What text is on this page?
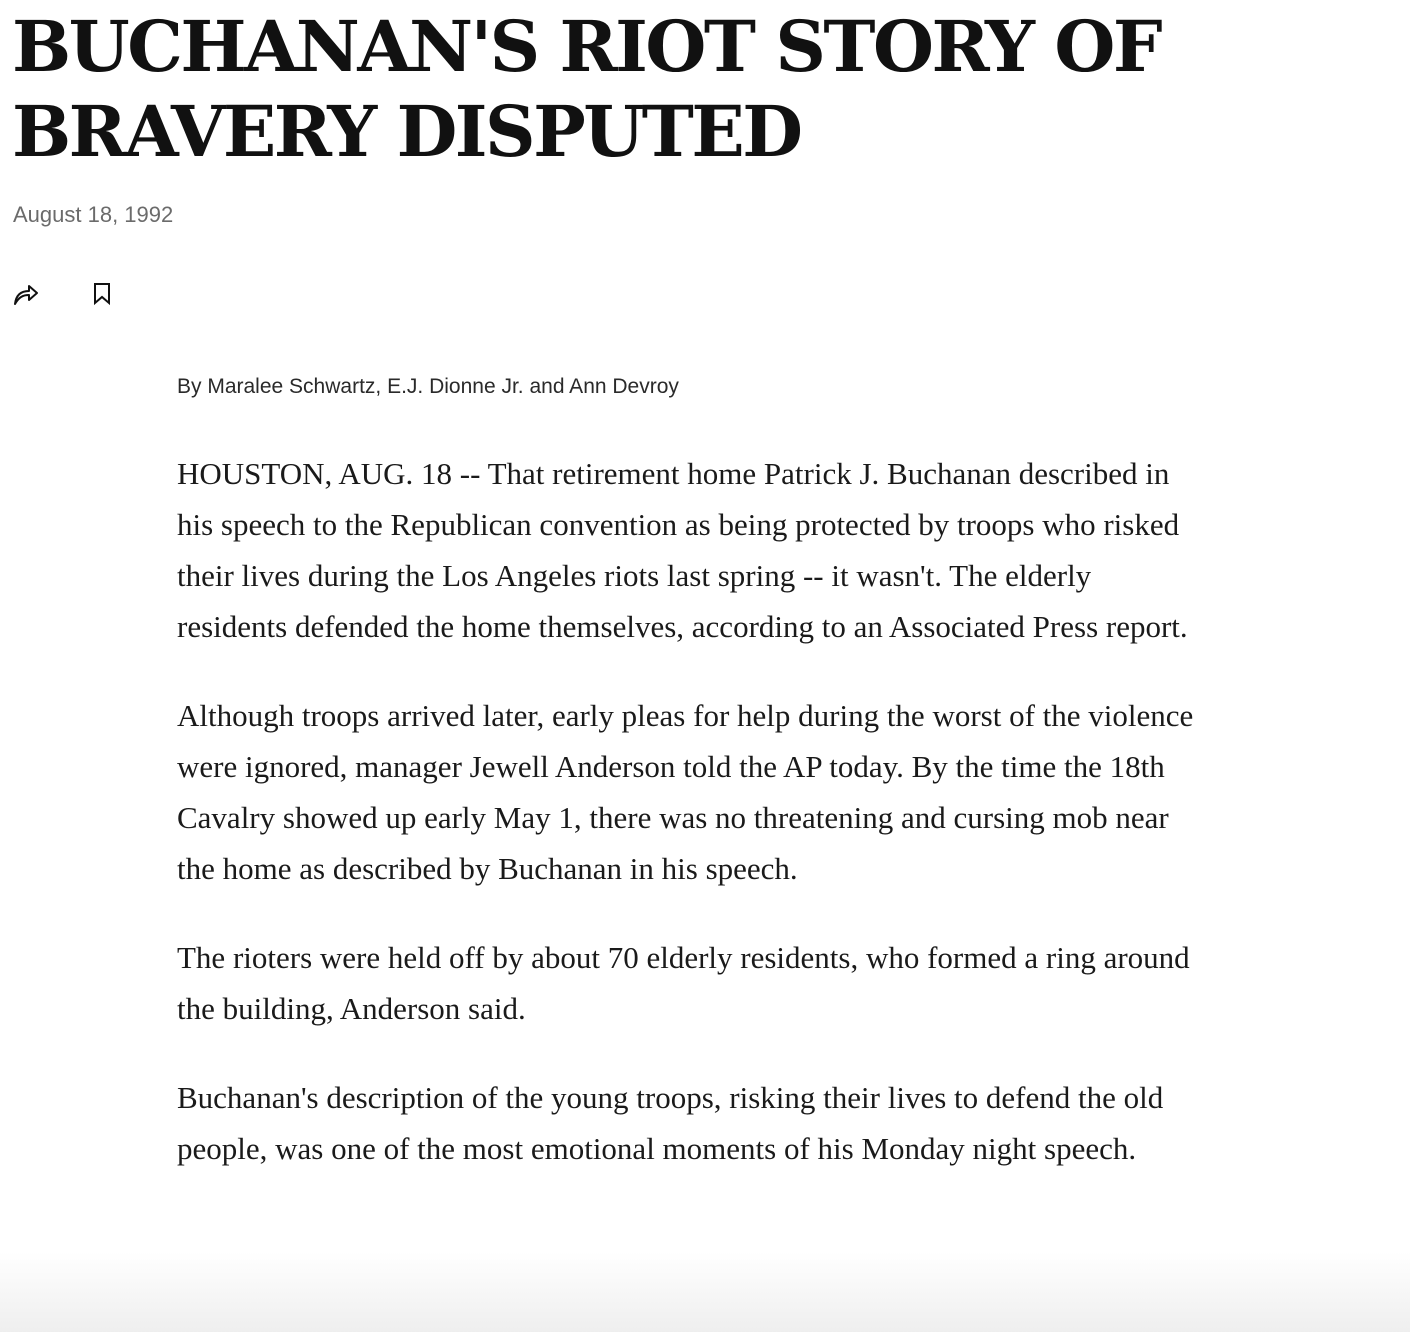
BUCHANAN'S RIOT STORY OF BRAVERY DISPUTED
August 18, 1992
By Maralee Schwartz, E.J. Dionne Jr. and Ann Devroy

HOUSTON, AUG. 18 -- That retirement home Patrick J. Buchanan described in his speech to the Republican convention as being protected by troops who risked their lives during the Los Angeles riots last spring -- it wasn't. The elderly residents defended the home themselves, according to an Associated Press report.

Although troops arrived later, early pleas for help during the worst of the violence were ignored, manager Jewell Anderson told the AP today. By the time the 18th Cavalry showed up early May 1, there was no threatening and cursing mob near the home as described by Buchanan in his speech.

The rioters were held off by about 70 elderly residents, who formed a ring around the building, Anderson said.

Buchanan's description of the young troops, risking their lives to defend the old people, was one of the most emotional moments of his Monday night speech.
